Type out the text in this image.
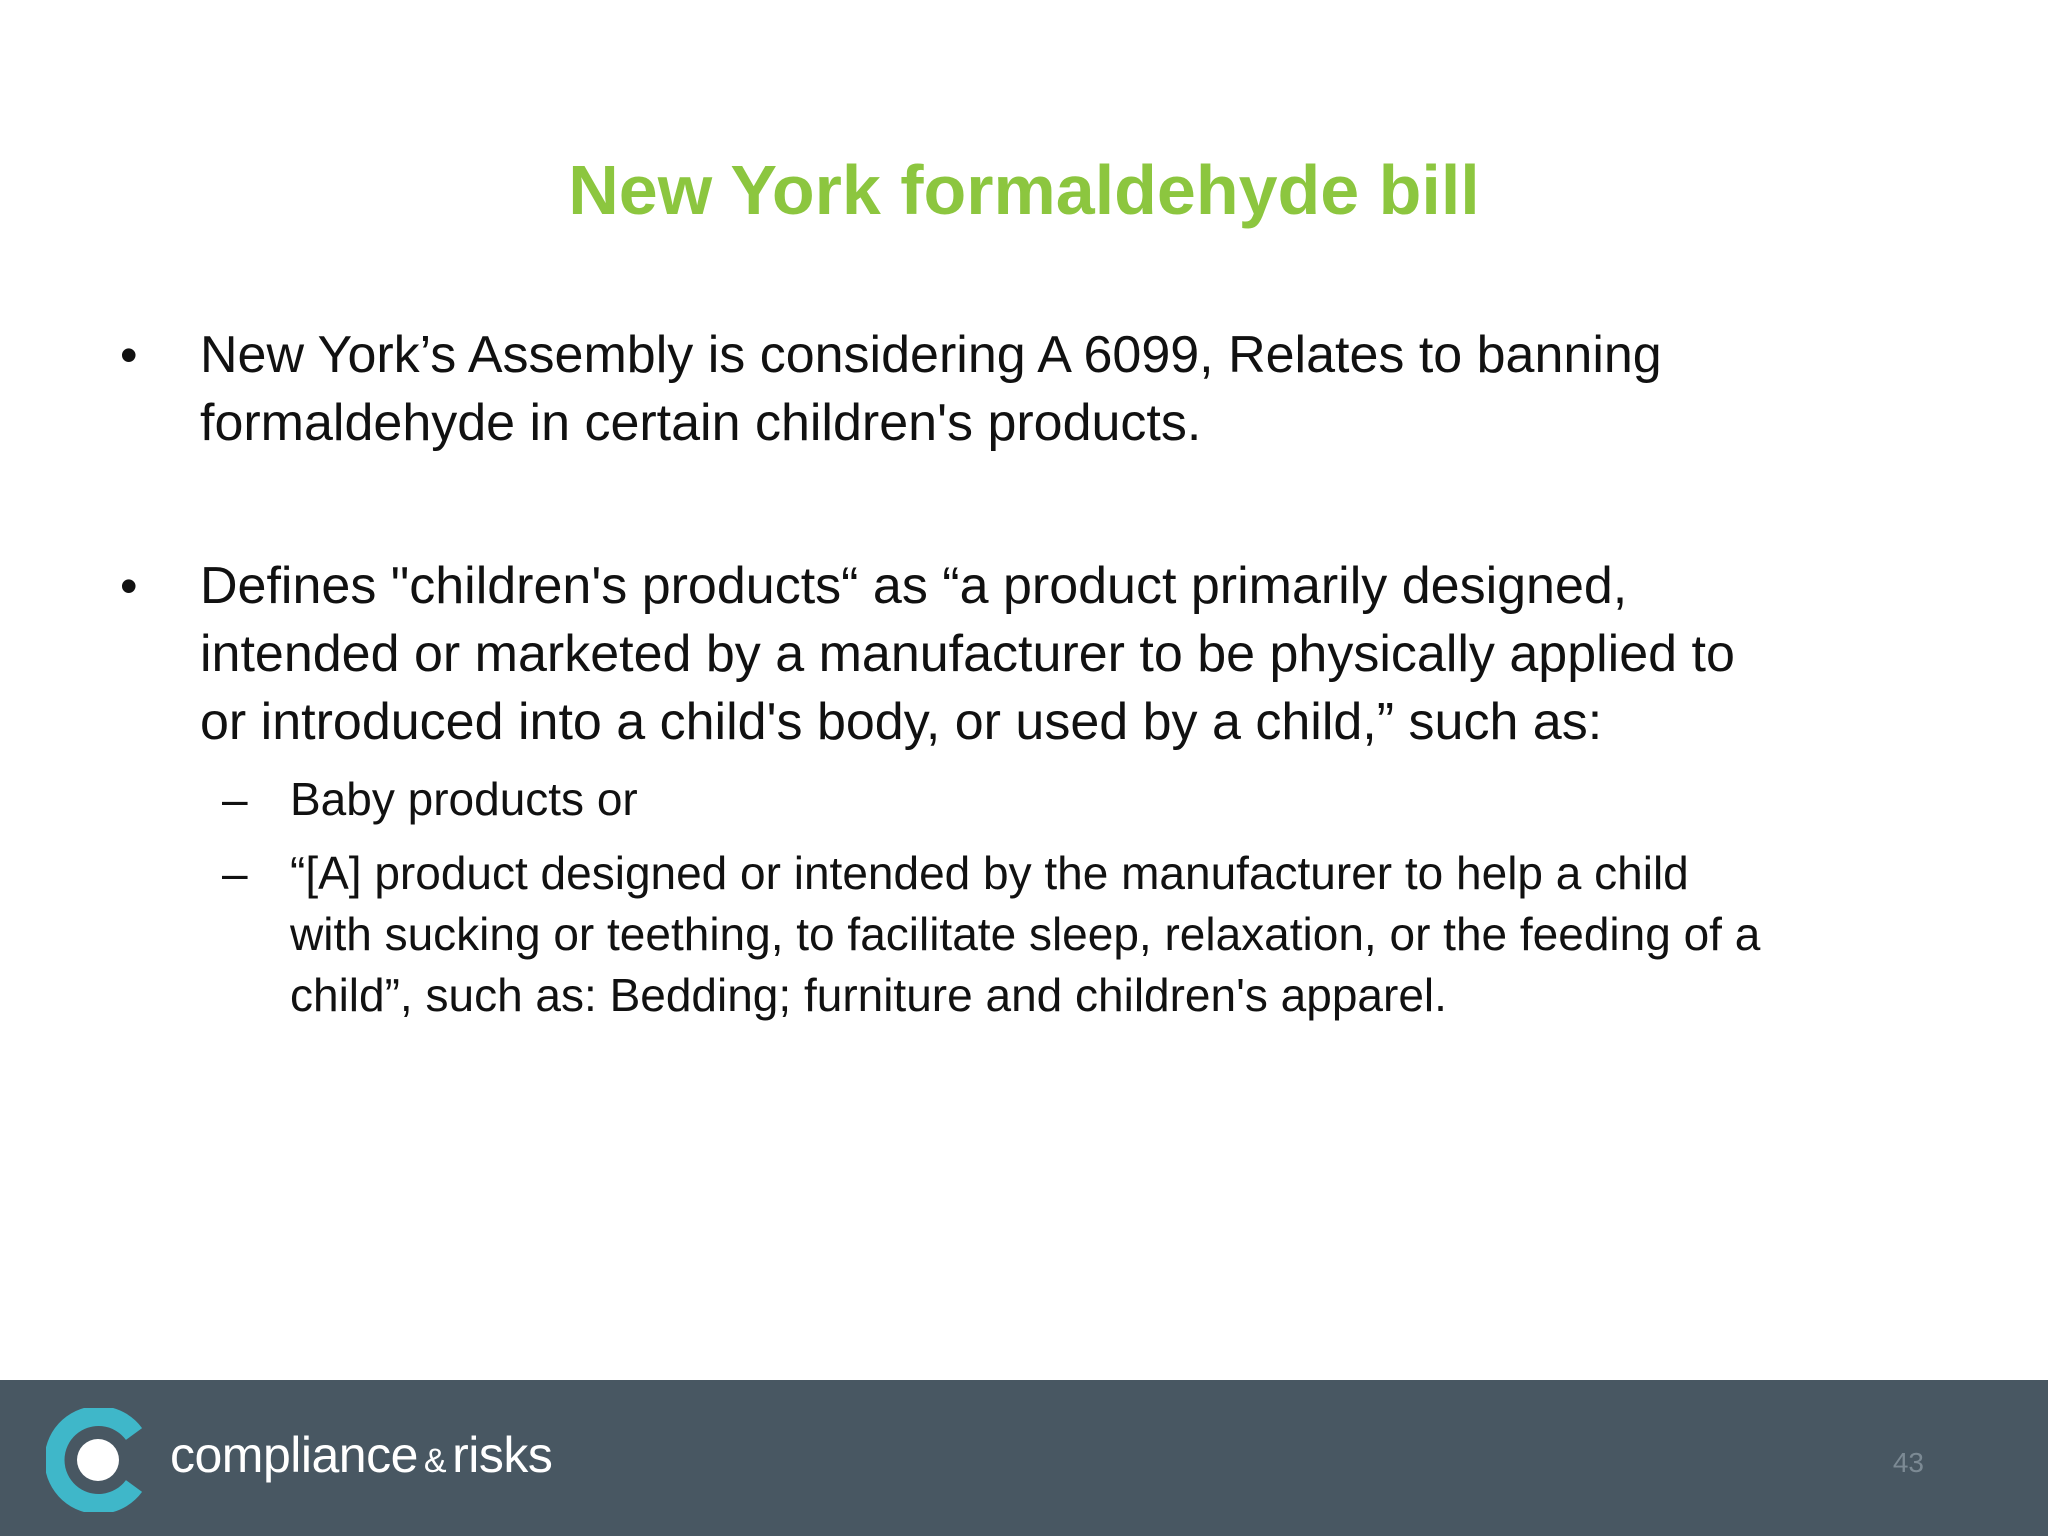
New York formaldehyde bill
•	New York’s Assembly is considering A 6099, Relates to banning
formaldehyde in certain children's products.
•	Defines "children's products“ as “a product primarily designed,
intended or marketed by a manufacturer to be physically applied to
or introduced into a child's body, or used by a child,” such as:
– Baby products or
– “[A] product designed or intended by the manufacturer to help a child
with sucking or teething, to facilitate sleep, relaxation, or the feeding of a
child”, such as: Bedding; furniture and children's apparel.
compliance & risks	43
